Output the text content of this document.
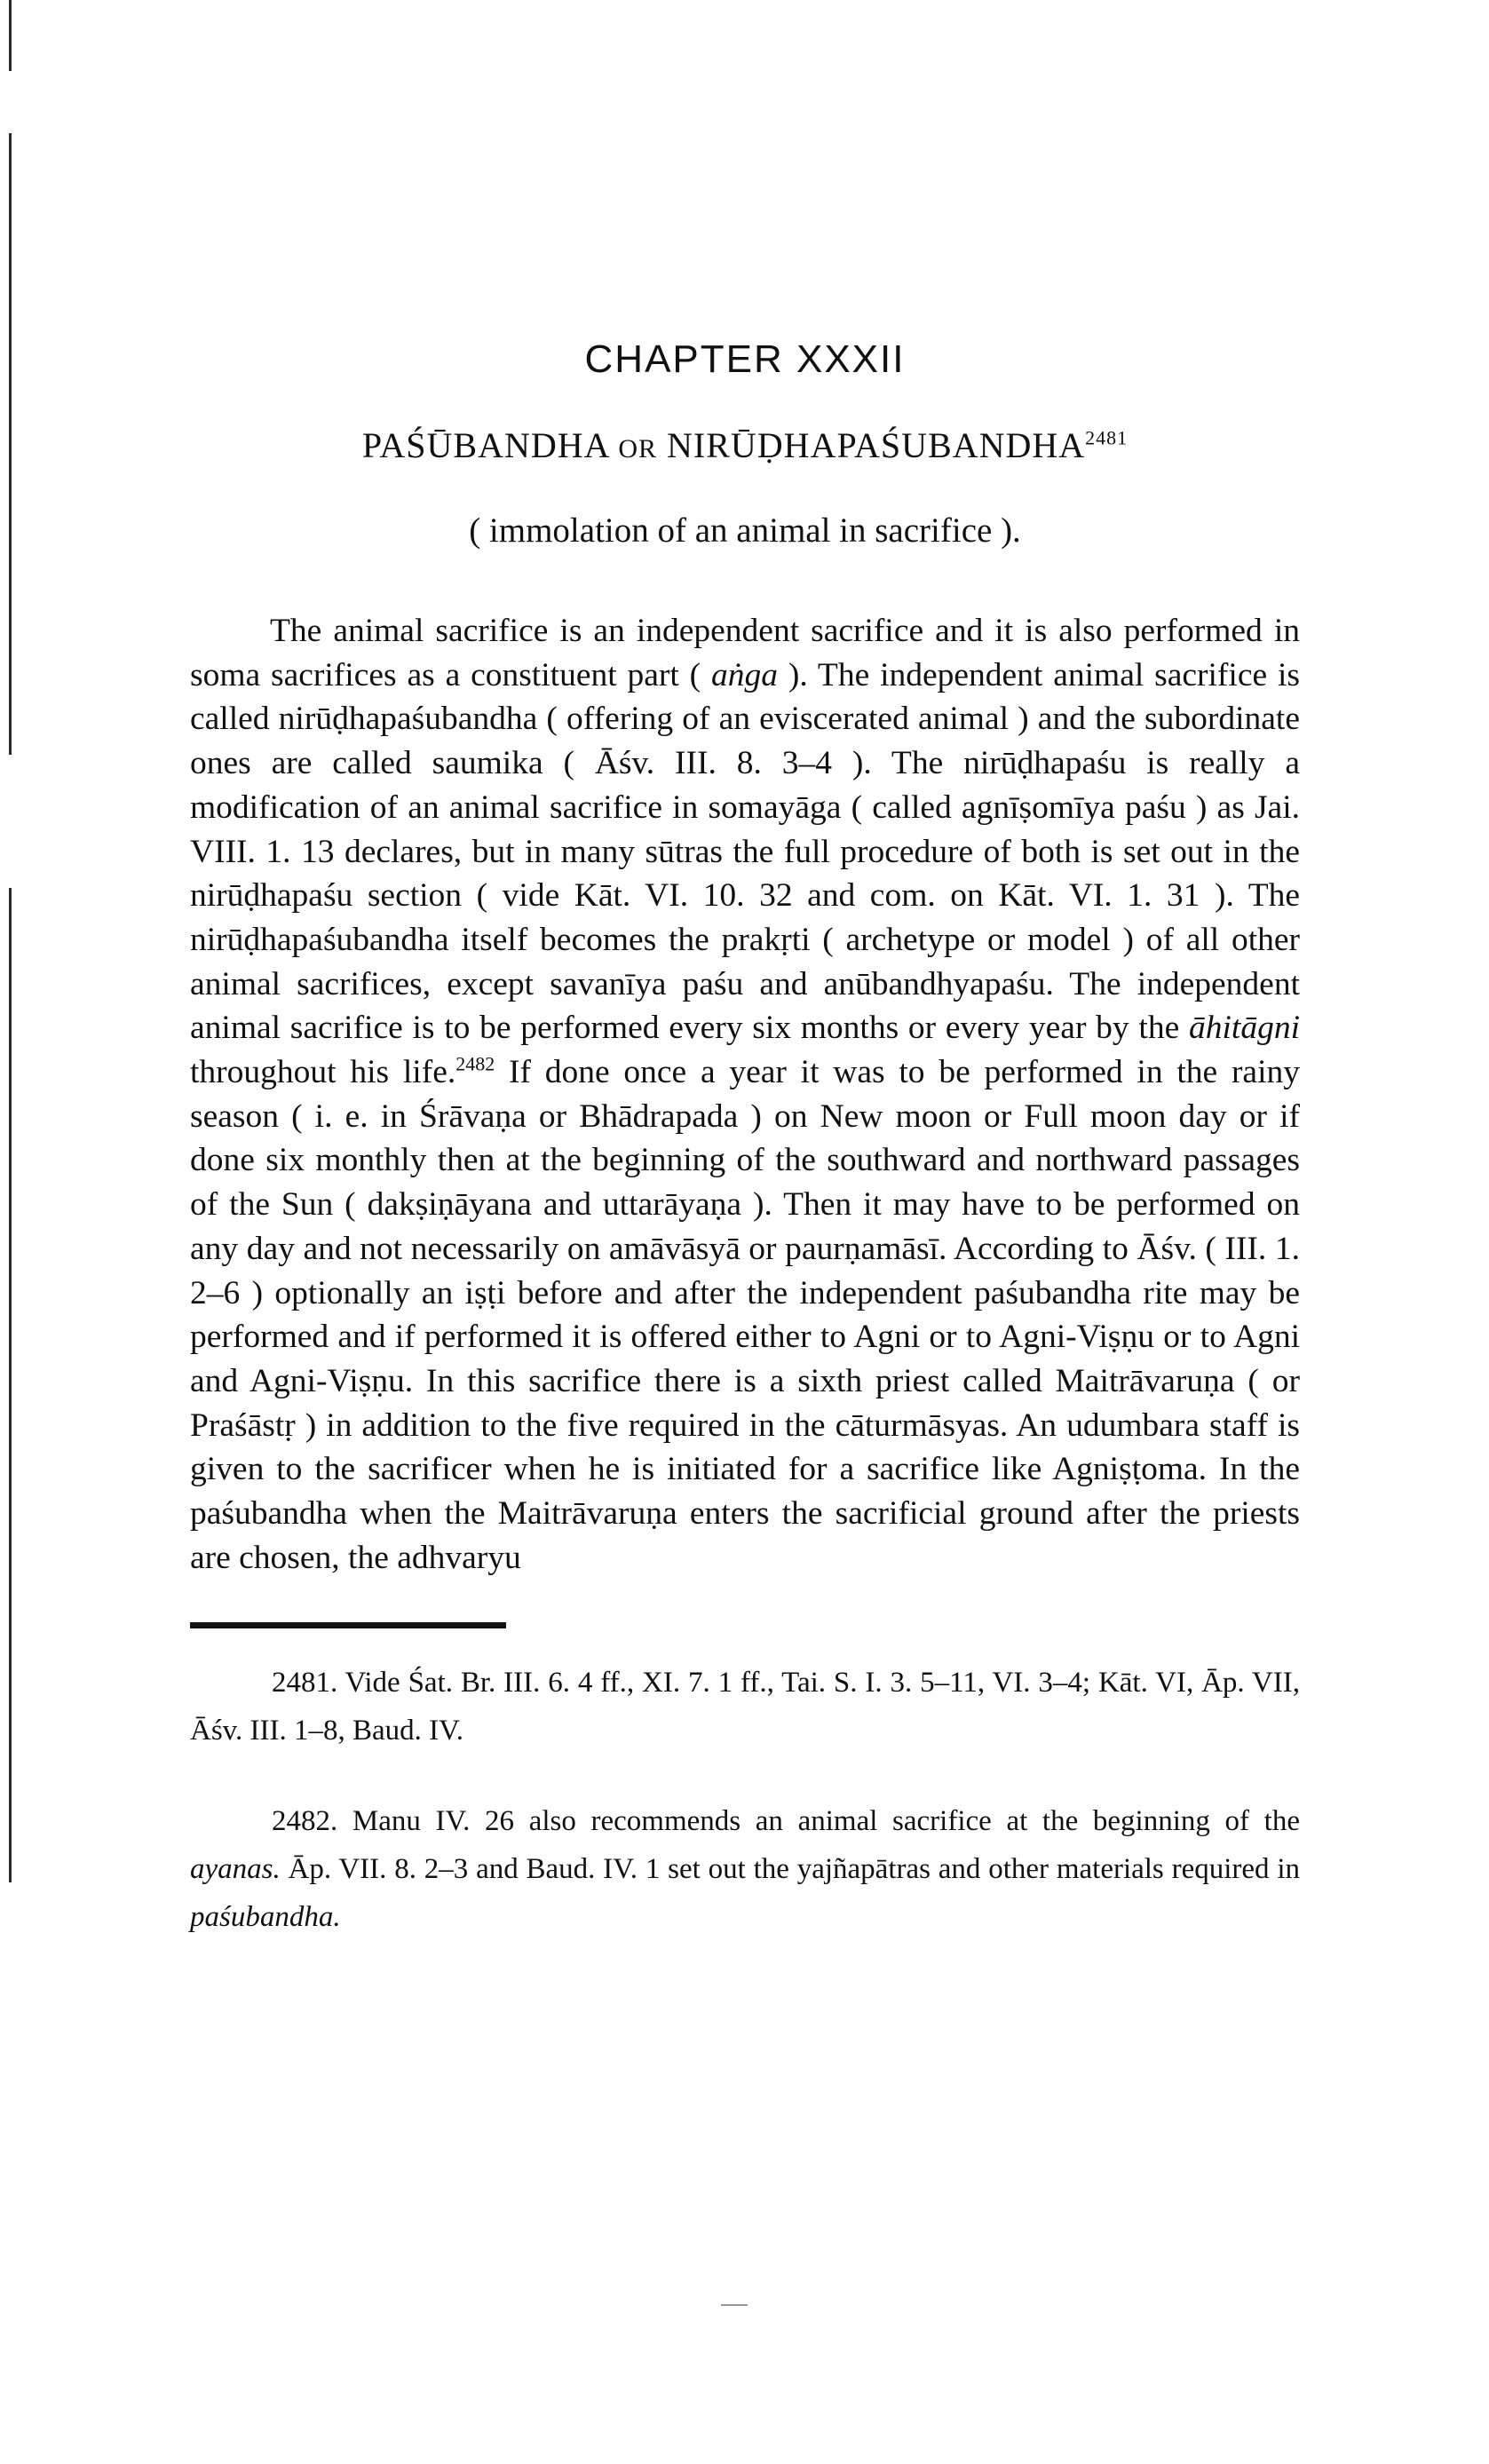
CHAPTER XXXII
PAŚŪBANDHA OR NIRŪḌHAPAŚUBANDHA$^{2481}$
( immolation of an animal in sacrifice ).

The animal sacrifice is an independent sacrifice and it is also performed in soma sacrifices as a constituent part ( aṅga ). The independent animal sacrifice is called nirūḍhapaśubandha ( offering of an eviscerated animal ) and the subordinate ones are called saumika ( Āśv. III. 8. 3–4 ). The nirūḍhapaśu is really a modification of an animal sacrifice in somayāga ( called agnīṣomīya paśu ) as Jai. VIII. 1. 13 declares, but in many sūtras the full procedure of both is set out in the nirūḍhapaśu section ( vide Kāt. VI. 10. 32 and com. on Kāt. VI. 1. 31 ). The nirūḍhapaśubandha itself becomes the prakṛti ( archetype or model ) of all other animal sacrifices, except savanīya paśu and anūbandhyapaśu. The independent animal sacrifice is to be performed every six months or every year by the āhitāgni throughout his life.$^{2482}$ If done once a year it was to be performed in the rainy season ( i. e. in Śrāvaṇa or Bhādrapada ) on New moon or Full moon day or if done six monthly then at the beginning of the southward and northward passages of the Sun ( dakṣiṇāyana and uttarāyaṇa ). Then it may have to be performed on any day and not necessarily on amāvāsyā or paurṇamāsī. According to Āśv. ( III. 1. 2–6 ) optionally an iṣṭi before and after the independent paśubandha rite may be performed and if performed it is offered either to Agni or to Agni-Viṣṇu or to Agni and Agni-Viṣṇu. In this sacrifice there is a sixth priest called Maitrāvaruṇa ( or Praśāstṛ ) in addition to the five required in the cāturmāsyas. An udumbara staff is given to the sacrificer when he is initiated for a sacrifice like Agniṣṭoma. In the paśubandha when the Maitrāvaruṇa enters the sacrificial ground after the priests are chosen, the adhvaryu

2481. Vide Śat. Br. III. 6. 4 ff., XI. 7. 1 ff., Tai. S. I. 3. 5–11, VI. 3–4; Kāt. VI, Āp. VII, Āśv. III. 1–8, Baud. IV.

2482. Manu IV. 26 also recommends an animal sacrifice at the beginning of the ayanas. Āp. VII. 8. 2–3 and Baud. IV. 1 set out the yajñapātras and other materials required in paśubandha.
